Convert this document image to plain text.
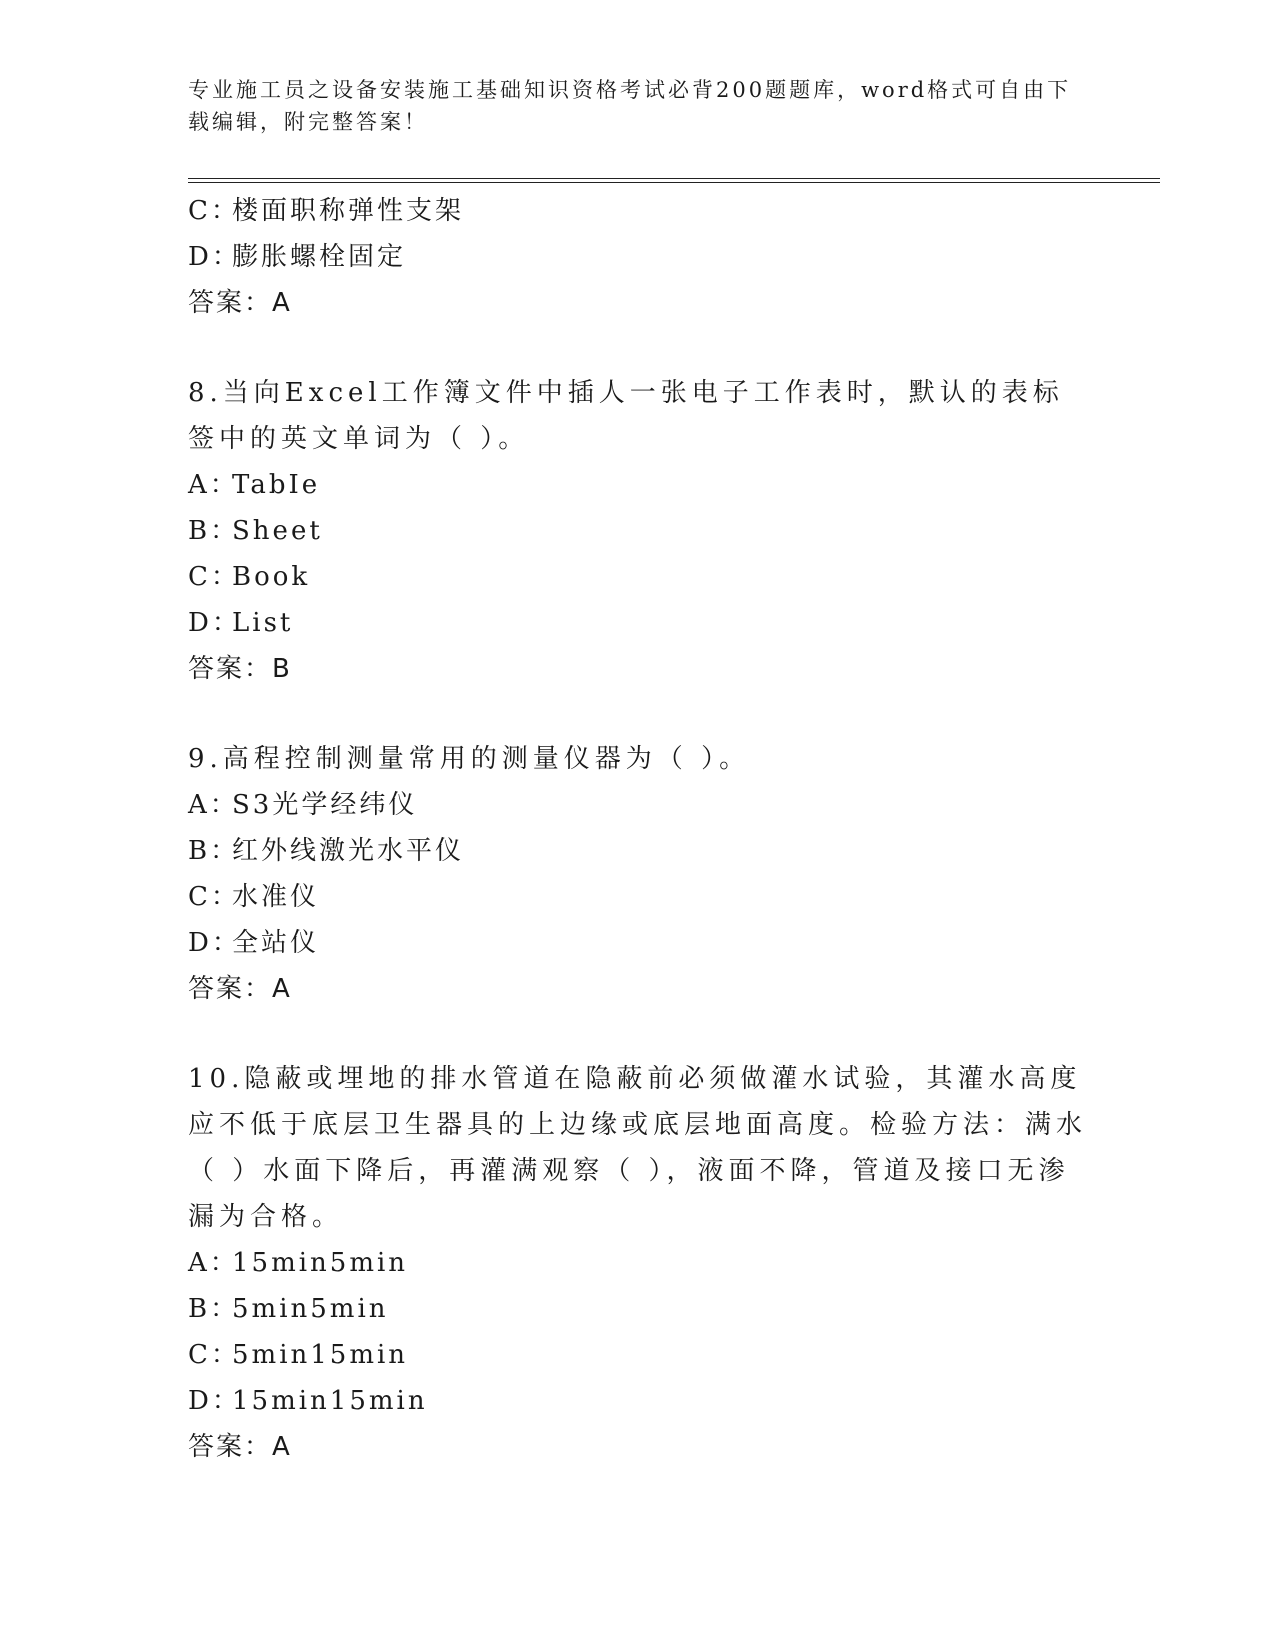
专业施工员之设备安装施工基础知识资格考试必背200题题库，word格式可自由下载编辑，附完整答案！
C：楼面职称弹性支架
D：膨胀螺栓固定
答案：A
8.当向Excel工作簿文件中插人一张电子工作表时，默认的表标签中的英文单词为（ ）。
A：TabIe
B：Sheet
C：Book
D：List
答案：B
9.高程控制测量常用的测量仪器为（ ）。
A：S3光学经纬仪
B：红外线激光水平仪
C：水准仪
D：全站仪
答案：A
10.隐蔽或埋地的排水管道在隐蔽前必须做灌水试验，其灌水高度应不低于底层卫生器具的上边缘或底层地面高度。检验方法：满水（ ）水面下降后，再灌满观察（ ），液面不降，管道及接口无渗漏为合格。
A：15min5min
B：5min5min
C：5min15min
D：15min15min
答案：A
